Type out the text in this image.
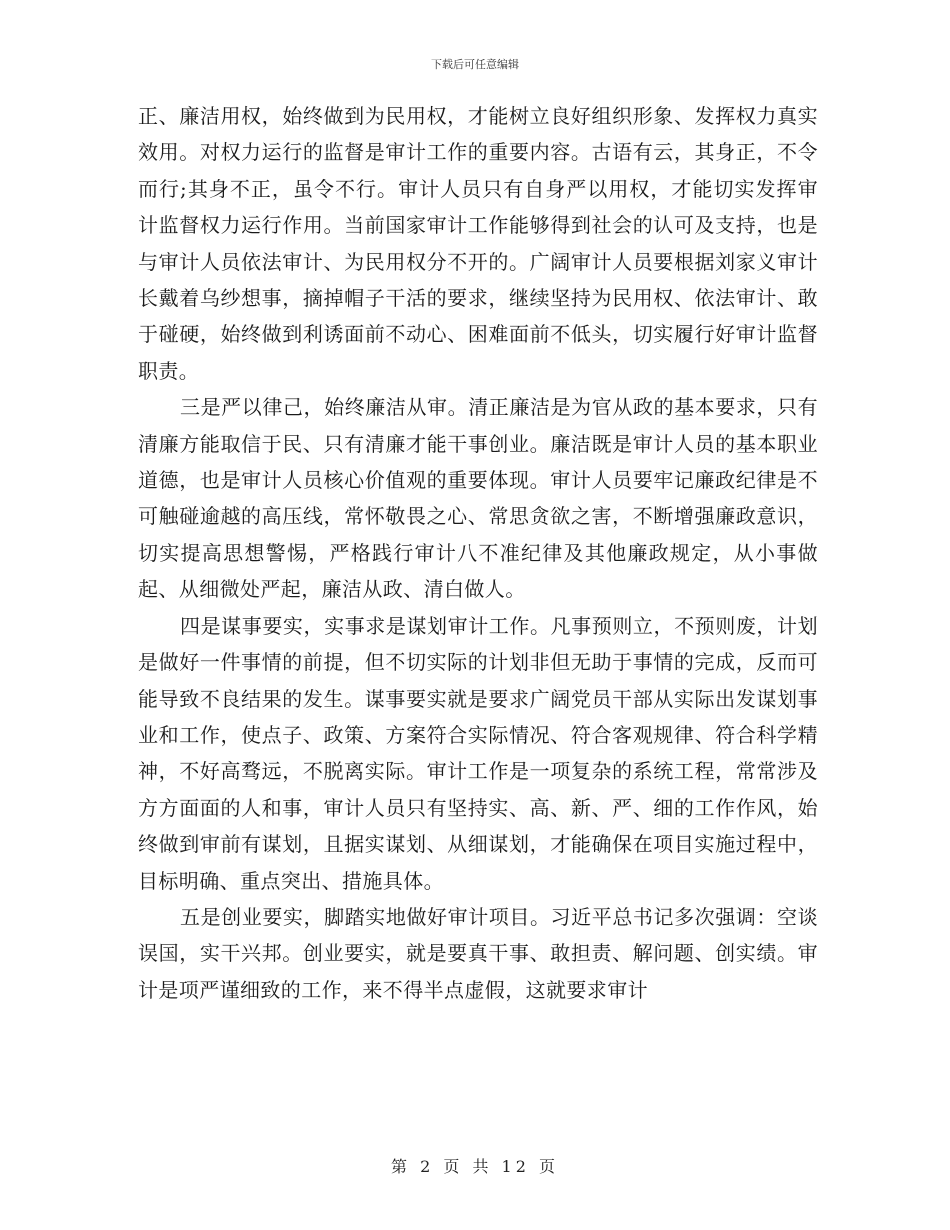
下载后可任意编辑

正、廉洁用权，始终做到为民用权，才能树立良好组织形象、发挥权力真实效用。对权力运行的监督是审计工作的重要内容。古语有云，其身正，不令而行;其身不正，虽令不行。审计人员只有自身严以用权，才能切实发挥审计监督权力运行作用。当前国家审计工作能够得到社会的认可及支持，也是与审计人员依法审计、为民用权分不开的。广阔审计人员要根据刘家义审计长戴着乌纱想事，摘掉帽子干活的要求，继续坚持为民用权、依法审计、敢于碰硬，始终做到利诱面前不动心、困难面前不低头，切实履行好审计监督职责。

三是严以律己，始终廉洁从审。清正廉洁是为官从政的基本要求，只有清廉方能取信于民、只有清廉才能干事创业。廉洁既是审计人员的基本职业道德，也是审计人员核心价值观的重要体现。审计人员要牢记廉政纪律是不可触碰逾越的高压线，常怀敬畏之心、常思贪欲之害，不断增强廉政意识，切实提高思想警惕，严格践行审计八不准纪律及其他廉政规定，从小事做起、从细微处严起，廉洁从政、清白做人。

四是谋事要实，实事求是谋划审计工作。凡事预则立，不预则废，计划是做好一件事情的前提，但不切实际的计划非但无助于事情的完成，反而可能导致不良结果的发生。谋事要实就是要求广阔党员干部从实际出发谋划事业和工作，使点子、政策、方案符合实际情况、符合客观规律、符合科学精神，不好高骛远，不脱离实际。审计工作是一项复杂的系统工程，常常涉及方方面面的人和事，审计人员只有坚持实、高、新、严、细的工作作风，始终做到审前有谋划，且据实谋划、从细谋划，才能确保在项目实施过程中，目标明确、重点突出、措施具体。

五是创业要实，脚踏实地做好审计项目。习近平总书记多次强调：空谈误国，实干兴邦。创业要实，就是要真干事、敢担责、解问题、创实绩。审计是项严谨细致的工作，来不得半点虚假，这就要求审计

第 2 页 共 12 页
